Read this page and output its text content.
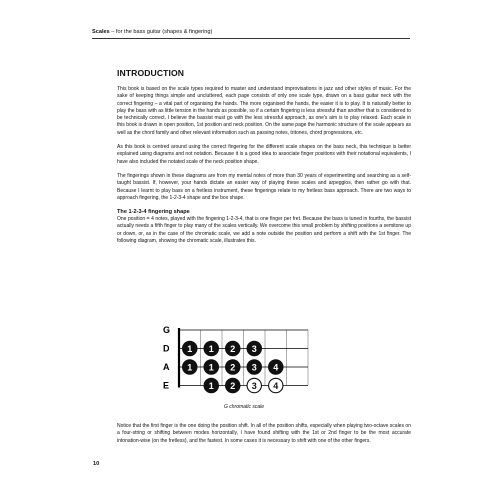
Scales – for the bass guitar (shapes & fingering)
INTRODUCTION

This book is based on the scale types required to master and understand improvisations in jazz and other styles of music. For the sake of keeping things simple and uncluttered, each page consists of only one scale type, drawn on a bass guitar neck with the correct fingering – a vital part of organising the hands. The more organised the hands, the easier it is to play. It is naturally better to play the bass with as little tension in the hands as possible, so if a certain fingering is less stressful than another that is considered to be technically correct. I believe the bassist must go with the less stressful approach, as one's aim is to play relaxed. Each scale in this book is drawn in open position, 1st position and neck position. On the same page the harmonic structure of the scale appears as well as the chord family and other relevant information such as passing notes, tritones, chord progressions, etc.

As this book is centred around using the correct fingering for the different scale shapes on the bass neck, this technique is better explained using diagrams and not notation. Because it is a good idea to associate finger positions with their notational equivalents, I have also included the notated scale of the neck position shape.

The fingerings shown in these diagrams are from my mental notes of more than 30 years of experimenting and searching as a self-taught bassist. If, however, your hands dictate an easier way of playing these scales and arpeggios, then rather go with that. Because I learnt to play bass on a fretless instrument, these fingerings relate to my fretless bass approach. There are two ways to approach fingering, the 1-2-3-4 shape and the box shape.

The 1-2-3-4 fingering shape

One position = 4 notes, played with the fingering 1-2-3-4, that is one finger per fret. Because the bass is tuned in fourths, the bassist actually needs a fifth finger to play many of the scales vertically. We overcome this small problem by shifting positions a semitone up or down, or, as in the case of the chromatic scale, we add a note outside the position and perform a shift with the 1st finger. The following diagram, showing the chromatic scale, illustrates this.

G
D
A
E
1 1 2 3
1 1 2 3 4
1 2 3 4
G chromatic scale

Notice that the first finger is the one doing the position shift. In all of the position shifts, especially when playing two-octave scales on a four-string or shifting between modes horizontally, I have found shifting with the 1st or 2nd finger to be the most accurate intonation-wise (on the fretless), and the fastest. In some cases it is necessary to shift with one of the other fingers.

10
